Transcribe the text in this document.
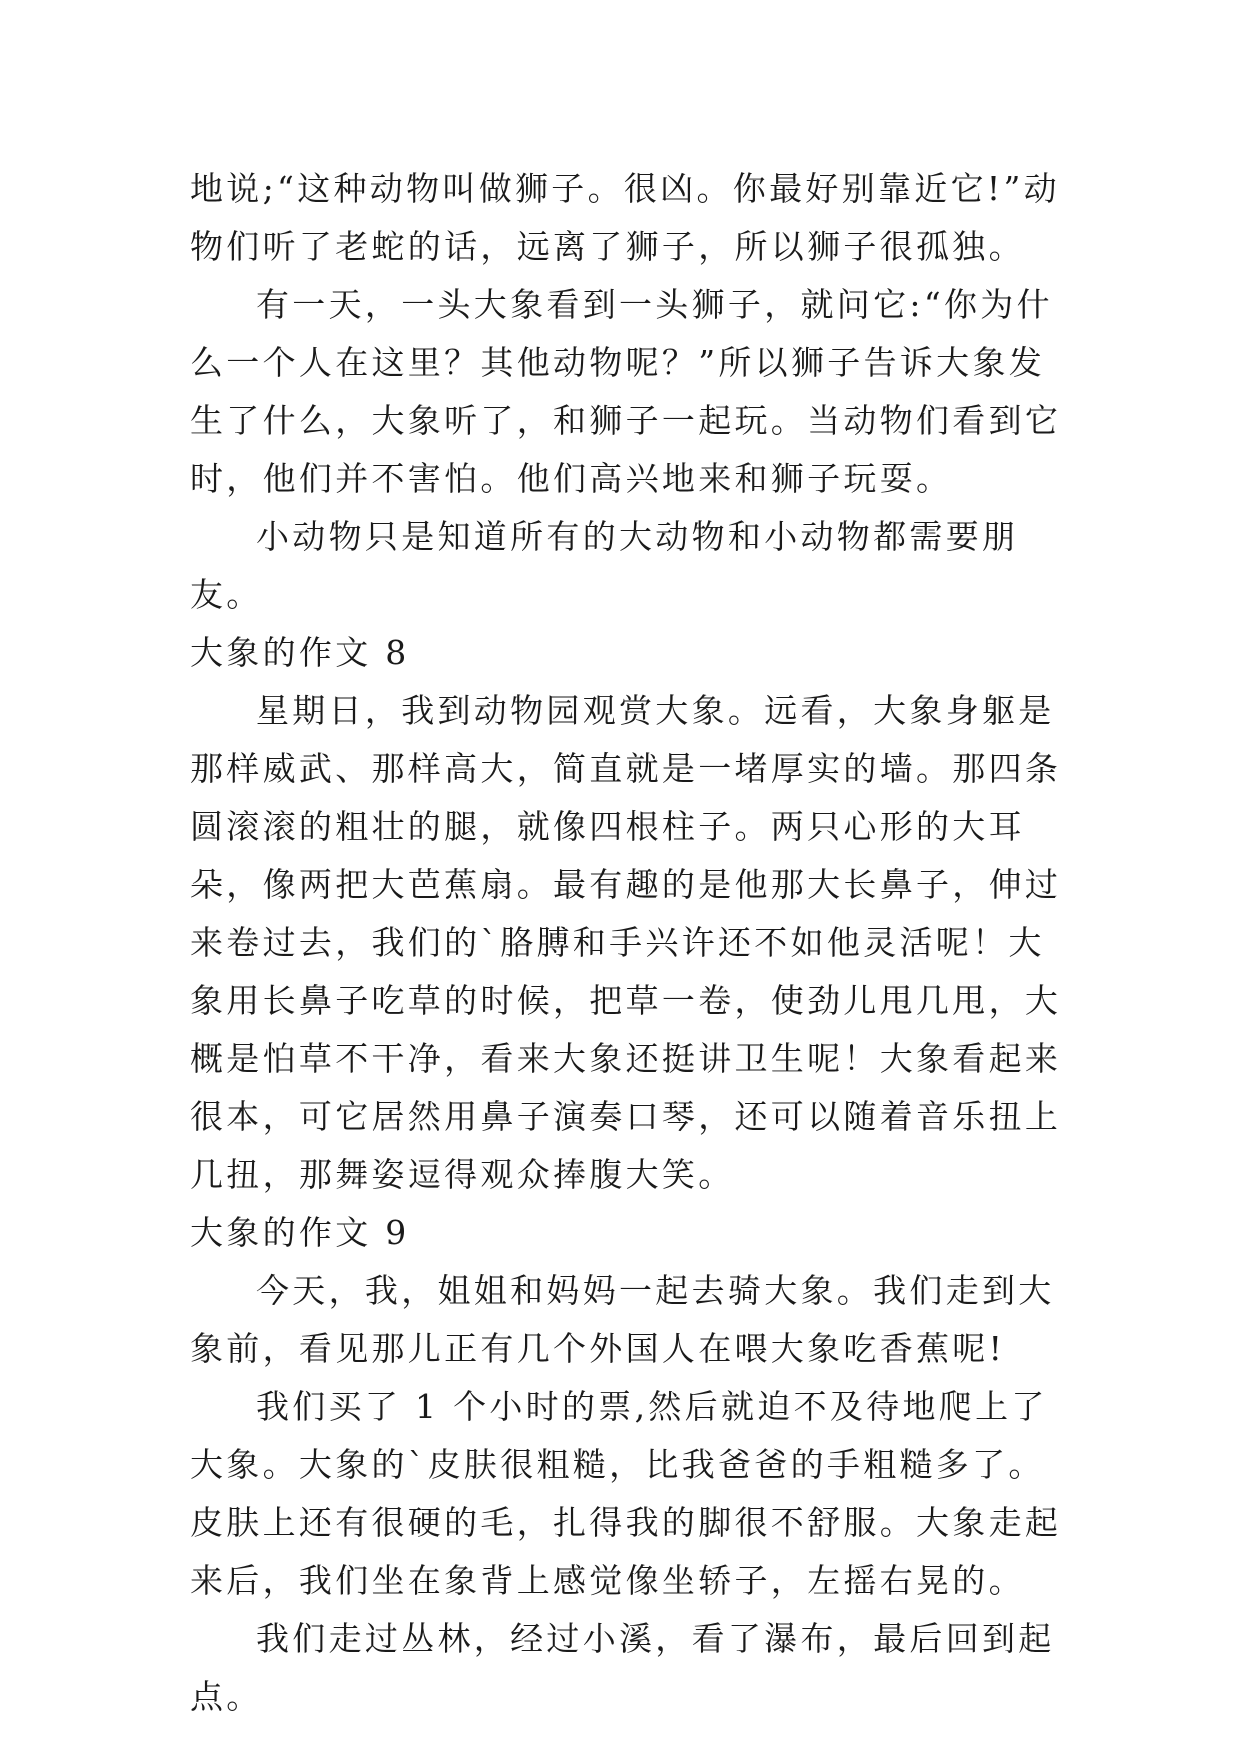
地说;“这种动物叫做狮子。很凶。你最好别靠近它!”动物们听了老蛇的话，远离了狮子，所以狮子很孤独。

有一天，一头大象看到一头狮子，就问它:“你为什么一个人在这里？其他动物呢？”所以狮子告诉大象发生了什么，大象听了，和狮子一起玩。当动物们看到它时，他们并不害怕。他们高兴地来和狮子玩耍。

小动物只是知道所有的大动物和小动物都需要朋友。

大象的作文 8

星期日，我到动物园观赏大象。远看，大象身躯是那样威武、那样高大，简直就是一堵厚实的墙。那四条圆滚滚的粗壮的腿，就像四根柱子。两只心形的大耳朵，像两把大芭蕉扇。最有趣的是他那大长鼻子，伸过来卷过去，我们的`胳膊和手兴许还不如他灵活呢！大象用长鼻子吃草的时候，把草一卷，使劲儿甩几甩，大概是怕草不干净，看来大象还挺讲卫生呢！大象看起来很本，可它居然用鼻子演奏口琴，还可以随着音乐扭上几扭，那舞姿逗得观众捧腹大笑。

大象的作文 9

今天，我，姐姐和妈妈一起去骑大象。我们走到大象前，看见那儿正有几个外国人在喂大象吃香蕉呢!

我们买了 1 个小时的票,然后就迫不及待地爬上了大象。大象的`皮肤很粗糙，比我爸爸的手粗糙多了。皮肤上还有很硬的毛，扎得我的脚很不舒服。大象走起来后，我们坐在象背上感觉像坐轿子，左摇右晃的。

我们走过丛林，经过小溪，看了瀑布，最后回到起点。
